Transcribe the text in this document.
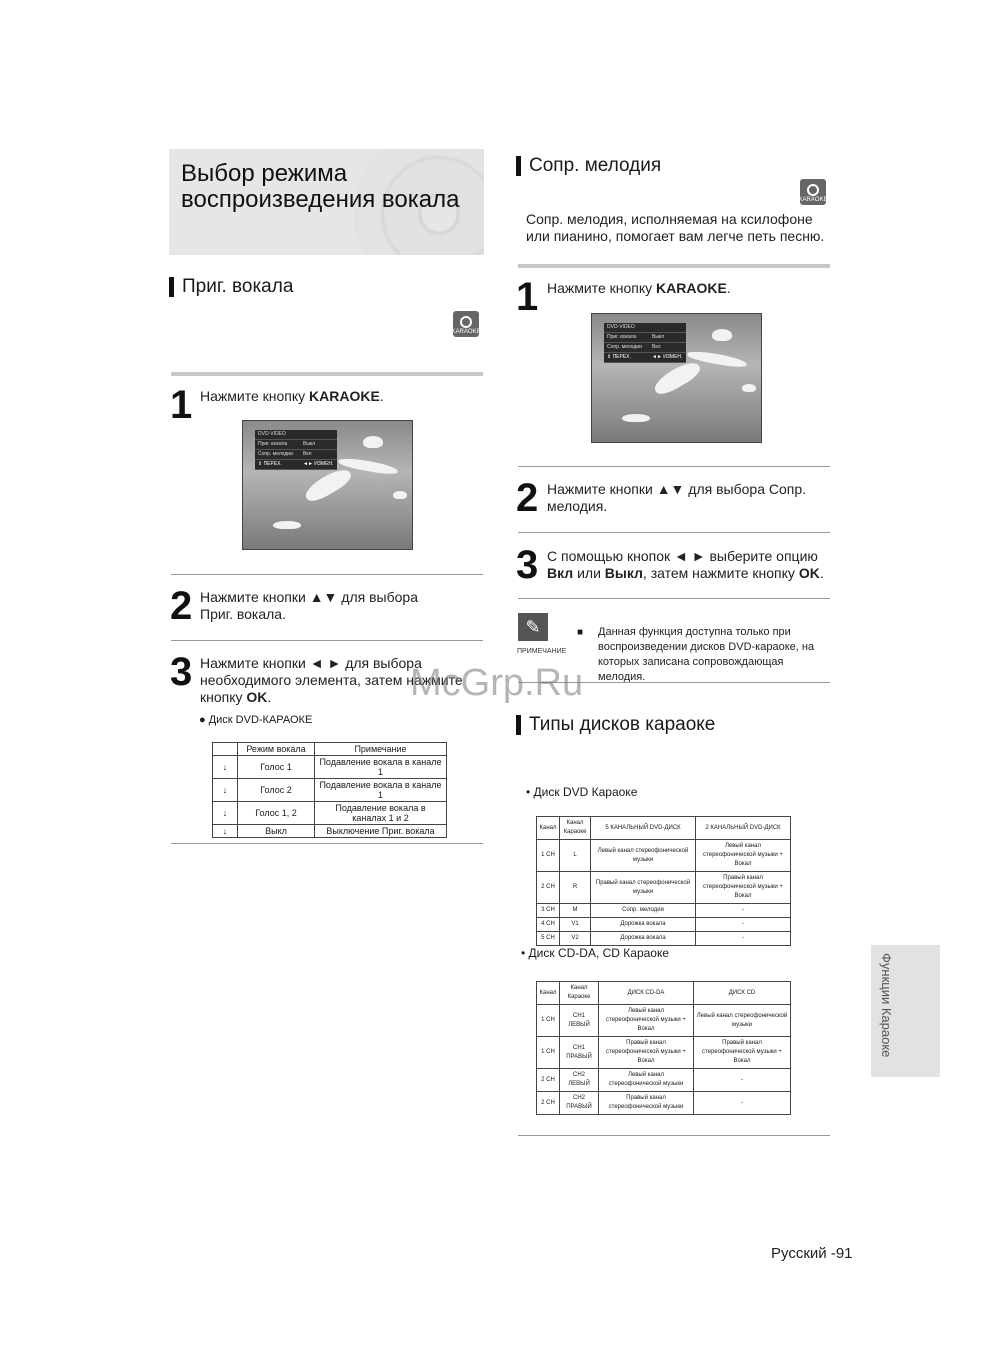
Выбор режима воспроизведения вокала
Приг. вокала
KARAOKE
1 Нажмите кнопку KARAOKE.
DVD-VIDEO
Приг. вокала	Выкл
Сопр. мелодии	Вкл
⇕ ПЕРЕХ.	◄► ИЗМЕН.
2 Нажмите кнопки ▲▼ для выбора Приг. вокала.
3 Нажмите кнопки ◄ ► для выбора необходимого элемента, затем нажмите кнопку OK.
● Диск DVD-КАРАОКЕ
	Режим вокала	Примечание
↓	Голос 1	Подавление вокала в канале 1
↓	Голос 2	Подавление вокала в канале 1
↓	Голос 1, 2	Подавление вокала в каналах 1 и 2
↓	Выкл	Выключение Приг. вокала
Сопр. мелодия
KARAOKE
Сопр. мелодия, исполняемая на ксилофоне или пианино, помогает вам легче петь песню.
1 Нажмите кнопку KARAOKE.
DVD-VIDEO
Приг. вокала	Выкл
Сопр. мелодии	Вкл
⇕ ПЕРЕХ.	◄► ИЗМЕН.
2 Нажмите кнопки ▲▼ для выбора Сопр. мелодия.
3 С помощью кнопок ◄ ► выберите опцию Вкл или Выкл, затем нажмите кнопку OK.
✎
ПРИМЕЧАНИЕ
■ Данная функция доступна только при воспроизведении дисков DVD-караоке, на которых записана сопровождающая мелодия.
Типы дисков караоке
• Диск DVD Караоке
Канал	Канал Караоке	5 КАНАЛЬНЫЙ DVD-ДИСК	2 КАНАЛЬНЫЙ DVD-ДИСК
1 CH	L	Левый канал стереофонической музыки	Левый канал стереофонической музыки + Вокал
2 CH	R	Правый канал стереофонической музыки	Правый канал стереофонической музыки + Вокал
3 CH	M	Сопр. мелодия	-
4 CH	V1	Дорожка вокала	-
5 CH	V2	Дорожка вокала	-
• Диск CD-DA, CD Караоке
Канал	Канал Караоке	ДИСК CD-DA	ДИСК CD
1 CH	CH1 ЛЕВЫЙ	Левый канал стереофонической музыки + Вокал	Левый канал стереофонической музыки
1 CH	CH1 ПРАВЫЙ	Правый канал стереофонической музыки + Вокал	Правый канал стереофонической музыки + Вокал
2 CH	CH2 ЛЕВЫЙ	Левый канал стереофонической музыки	-
2 CH	CH2 ПРАВЫЙ	Правый канал стереофонической музыки	-
Функции Караоке
McGrp.Ru
Русский -91
